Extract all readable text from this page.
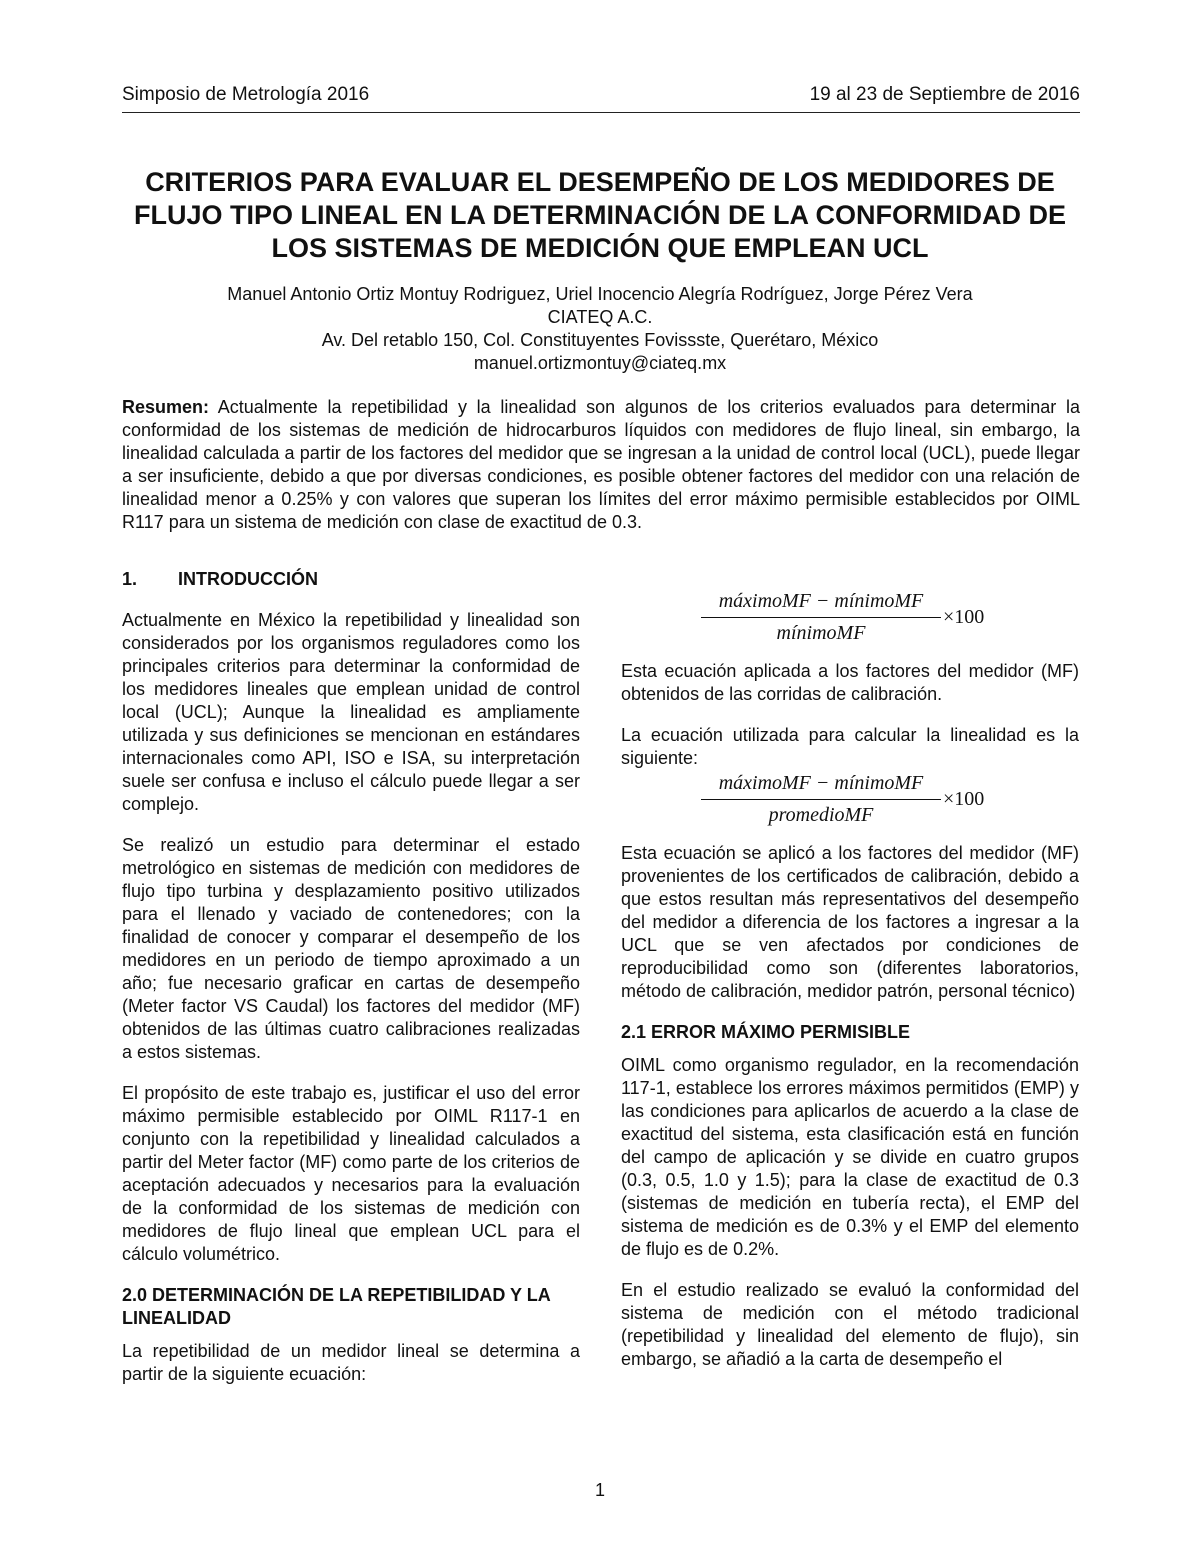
Simposio de Metrología 2016	19 al 23 de Septiembre de 2016
CRITERIOS PARA EVALUAR EL DESEMPEÑO DE LOS MEDIDORES DE
FLUJO TIPO LINEAL EN LA DETERMINACIÓN DE LA CONFORMIDAD DE
LOS SISTEMAS DE MEDICIÓN QUE EMPLEAN UCL
Manuel Antonio Ortiz Montuy Rodriguez, Uriel Inocencio Alegría Rodríguez, Jorge Pérez Vera
CIATEQ A.C.
Av. Del retablo 150, Col. Constituyentes Fovissste, Querétaro, México
manuel.ortizmontuy@ciateq.mx
Resumen: Actualmente la repetibilidad y la linealidad son algunos de los criterios evaluados para determinar la conformidad de los sistemas de medición de hidrocarburos líquidos con medidores de flujo lineal, sin embargo, la linealidad calculada a partir de los factores del medidor que se ingresan a la unidad de control local (UCL), puede llegar a ser insuficiente, debido a que por diversas condiciones, es posible obtener factores del medidor con una relación de linealidad menor a 0.25% y con valores que superan los límites del error máximo permisible establecidos por OIML R117 para un sistema de medición con clase de exactitud de 0.3.
1. INTRODUCCIÓN

Actualmente en México la repetibilidad y linealidad son considerados por los organismos reguladores como los principales criterios para determinar la conformidad de los medidores lineales que emplean unidad de control local (UCL); Aunque la linealidad es ampliamente utilizada y sus definiciones se mencionan en estándares internacionales como API, ISO e ISA, su interpretación suele ser confusa e incluso el cálculo puede llegar a ser complejo.

Se realizó un estudio para determinar el estado metrológico en sistemas de medición con medidores de flujo tipo turbina y desplazamiento positivo utilizados para el llenado y vaciado de contenedores; con la finalidad de conocer y comparar el desempeño de los medidores en un periodo de tiempo aproximado a un año; fue necesario graficar en cartas de desempeño (Meter factor VS Caudal) los factores del medidor (MF) obtenidos de las últimas cuatro calibraciones realizadas a estos sistemas.

El propósito de este trabajo es, justificar el uso del error máximo permisible establecido por OIML R117-1 en conjunto con la repetibilidad y linealidad calculados a partir del Meter factor (MF) como parte de los criterios de aceptación adecuados y necesarios para la evaluación de la conformidad de los sistemas de medición con medidores de flujo lineal que emplean UCL para el cálculo volumétrico.

2.0 DETERMINACIÓN DE LA REPETIBILIDAD Y LA LINEALIDAD

La repetibilidad de un medidor lineal se determina a partir de la siguiente ecuación:

máximoMF − mínimoMF
mínimoMF
×100

Esta ecuación aplicada a los factores del medidor (MF) obtenidos de las corridas de calibración.

La ecuación utilizada para calcular la linealidad es la siguiente:

máximoMF − mínimoMF
promedioMF
×100

Esta ecuación se aplicó a los factores del medidor (MF) provenientes de los certificados de calibración, debido a que estos resultan más representativos del desempeño del medidor a diferencia de los factores a ingresar a la UCL que se ven afectados por condiciones de reproducibilidad como son (diferentes laboratorios, método de calibración, medidor patrón, personal técnico)

2.1 ERROR MÁXIMO PERMISIBLE

OIML como organismo regulador, en la recomendación 117-1, establece los errores máximos permitidos (EMP) y las condiciones para aplicarlos de acuerdo a la clase de exactitud del sistema, esta clasificación está en función del campo de aplicación y se divide en cuatro grupos (0.3, 0.5, 1.0 y 1.5); para la clase de exactitud de 0.3 (sistemas de medición en tubería recta), el EMP del sistema de medición es de 0.3% y el EMP del elemento de flujo es de 0.2%.

En el estudio realizado se evaluó la conformidad del sistema de medición con el método tradicional (repetibilidad y linealidad del elemento de flujo), sin embargo, se añadió a la carta de desempeño el

1
